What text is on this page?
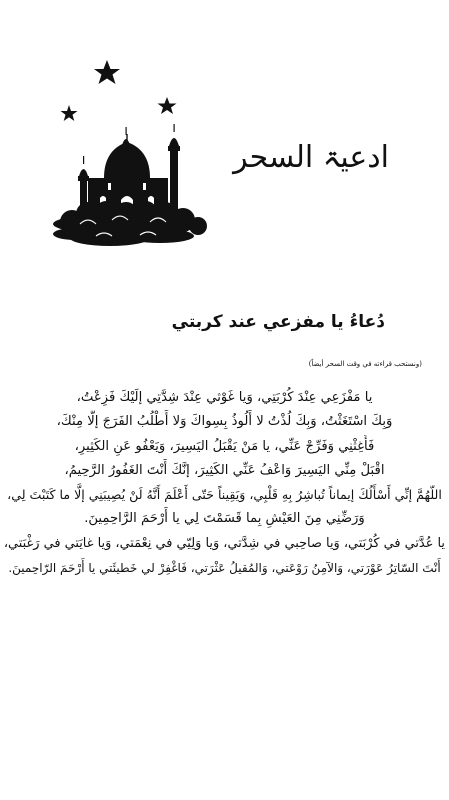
ادعيۃ السحر
دُعاءُ يا مفزعي عند كربتي
(ونستحب قراءته في وقت السحر أيضاً)
يا مَفْزَعِي عِنْدَ كُرْبَتِي، وَيا غَوْثي عِنْدَ شِدَّتِي إلَيْكَ فَزِعْتُ،
وَبِكَ اسْتَغَثْتُ، وَبِكَ لُذْتُ لا أَلُوذُ بِسِواكَ وَلا أَطْلُبُ الفَرَجَ إلَّا مِنْكَ،
فَأَغِثْنِي وَفَرِّجْ عَنِّي، يا مَنْ يَقْبَلُ اليَسِيرَ، وَيَعْفُو عَنِ الكَثِيرِ،
اقْبَلْ مِنِّي اليَسِيرَ وَاعْفُ عَنِّي الكَثِيرَ، إنَّكَ أَنْتَ الغَفُورُ الرَّحِيمُ،
اللّهُمَّ إنِّي أَسْأَلُكَ إيماناً تُباشِرُ بِهِ قَلْبِي، وَيَقِيناً حَتّى أَعْلَمَ أَنَّهُ لَنْ يُصِيبَنِي إلَّا ما كَتَبْتَ لِي،
وَرَضِّنِي مِنَ العَيْشِ بِما قَسَمْتَ لِي يا أَرْحَمَ الرَّاحِمِينَ.
يا عُدَّتي في كُرْبَتي، وَيا صاحِبي في شِدَّتي، وَيا وَلِيّي في نِعْمَتي، وَيا غايَتي في رَغْبَتي،
أَنْتَ السّاتِرُ عَوْرَتي، وَالآمِنُ رَوْعَتي، وَالمُقيلُ عَثْرَتي، فَاغْفِرْ لي خَطيئَتي يا أَرْحَمَ الرّاحِمينَ.
